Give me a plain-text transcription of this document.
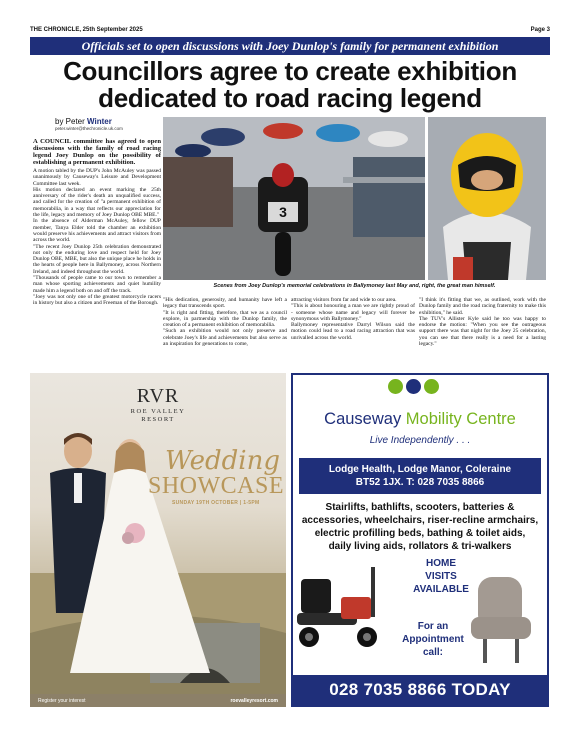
THE CHRONICLE, 25th September 2025	Page 3
Officials set to open discussions with Joey Dunlop's family for permanent exhibition
Councillors agree to create exhibition
dedicated to road racing legend
by Peter Winter
peter.winter@thechronicle.uk.com

A COUNCIL committee has agreed to open discussions with the family of road racing legend Joey Dunlop on the possibility of establishing a permanent exhibition.

A motion tabled by the DUP's John McAuley was passed unanimously by Causeway's Leisure and Development Committee last week.

His motion declared an event marking the 25th anniversary of the rider's death an unqualified success, and called for the creation of "a permanent exhibition of memorabilia, in a way that reflects our appreciation for the life, legacy and memory of Joey Dunlop OBE MBE."

In the absence of Alderman McAuley, fellow DUP member, Tanya Elder told the chamber an exhibition would preserve his achievements and attract visitors from across the world.

"The recent Joey Dunlop 25th celebration demonstrated not only the enduring love and respect held for Joey Dunlop OBE, MBE, but also the unique place he holds in the hearts of people here in Ballymoney, across Northern Ireland, and indeed throughout the world.

"Thousands of people came to our town to remember a man whose sporting achievements and quiet humility made him a legend both on and off the track.

"Joey was not only one of the greatest motorcycle racers in history but also a citizen and Freeman of the Borough.

3
Scenes from Joey Dunlop's memorial celebrations in Ballymoney last May and, right, the great man himself.

"His dedication, generosity, and humanity have left a legacy that transcends sport.

"It is right and fitting, therefore, that we as a council explore, in partnership with the Dunlop family, the creation of a permanent exhibition of memorabilia.

"Such an exhibition would not only preserve and celebrate Joey's life and achievements but also serve as an inspiration for generations to come,

attracting visitors from far and wide to our area.

"This is about honouring a man we are rightly proud of - someone whose name and legacy will forever be synonymous with Ballymoney."

Ballymoney representative Darryl Wilson said the motion could lead to a road racing attraction that was unrivalled across the world.

"I think it's fitting that we, as outlined, work with the Dunlop family and the road racing fraternity to make this exhibition," he said.

The TUV's Allister Kyle said he too was happy to endorse the motion: "When you see the outrageous support there was that night for the Joey 25 celebration, you can see that there really is a need for a lasting legacy."

RVR
ROE VALLEY
RESORT
Wedding
SHOWCASE
SUNDAY 19TH OCTOBER | 1-5PM
Register your interest	roevalleyresort.com
Causeway Mobility Centre
Live Independently . . .
Lodge Health, Lodge Manor, Coleraine
BT52 1JX. T: 028 7035 8866
Stairlifts, bathlifts, scooters, batteries &
accessories, wheelchairs, riser-recline armchairs,
electric profilling beds, bathing & toilet aids,
daily living aids, rollators & tri-walkers
HOME
VISITS
AVAILABLE
For an
Appointment
call:
028 7035 8866 TODAY
